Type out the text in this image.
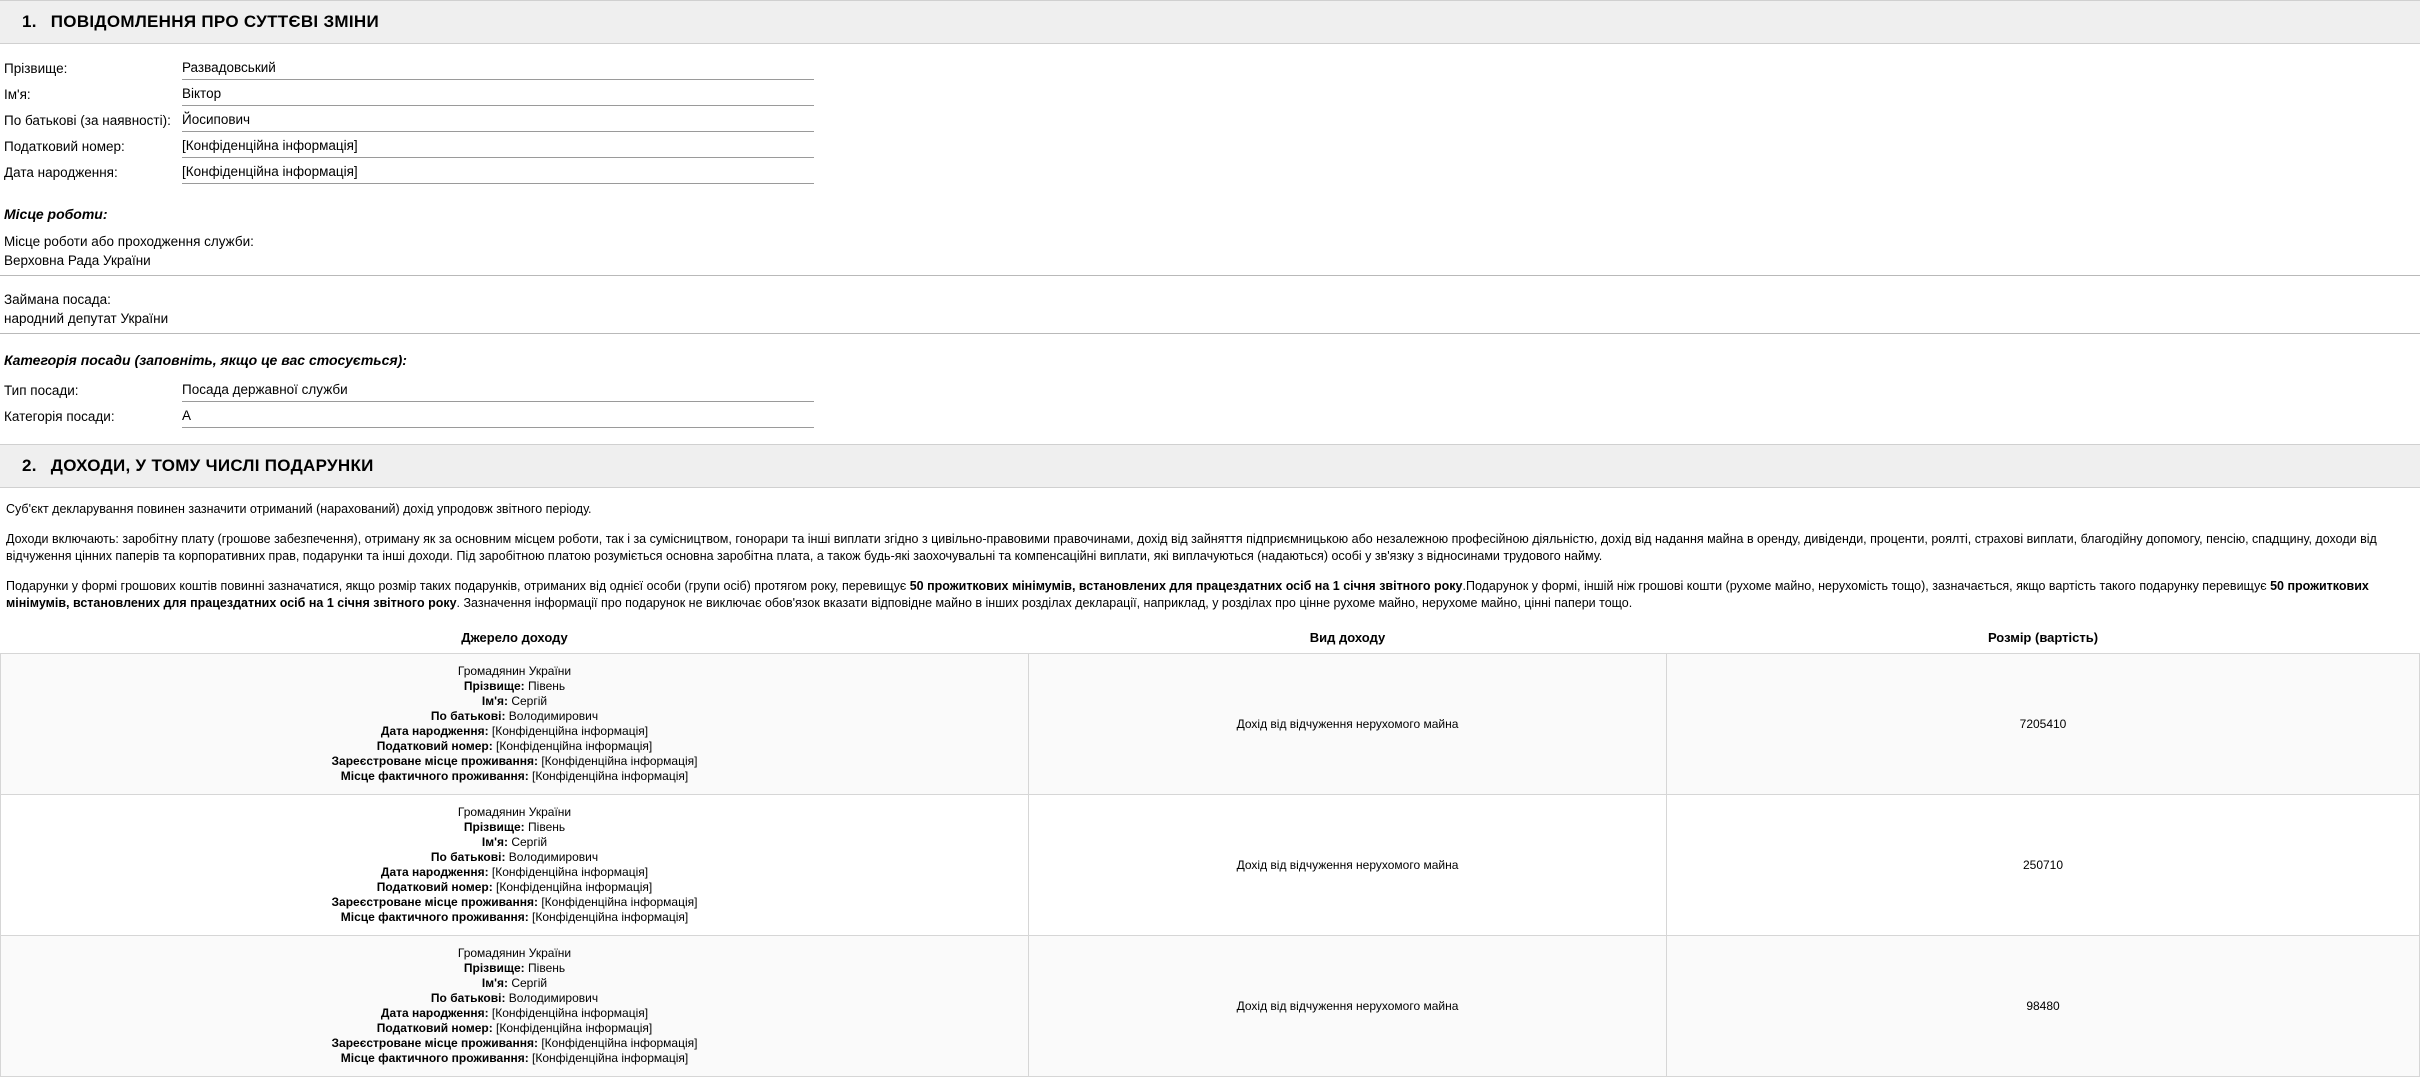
1. ПОВІДОМЛЕННЯ ПРО СУТТЄВІ ЗМІНИ
Прізвище:	Развадовський
Ім'я:	Віктор
По батькові (за наявності): Йосипович
Податковий номер:	[Конфіденційна інформація]
Дата народження:	[Конфіденційна інформація]
Місце роботи:
Місце роботи або проходження служби:
Верховна Рада України
Займана посада:
народний депутат України
Категорія посади (заповніть, якщо це вас стосується):
Тип посади:	Посада державної служби
Категорія посади:	А
2. ДОХОДИ, У ТОМУ ЧИСЛІ ПОДАРУНКИ

Суб'єкт декларування повинен зазначити отриманий (нарахований) дохід упродовж звітного періоду.

Доходи включають: заробітну плату (грошове забезпечення), отриману як за основним місцем роботи, так і за сумісництвом, гонорари та інші виплати згідно з цивільно-правовими правочинами, дохід від зайняття підприємницькою або незалежною професійною діяльністю, дохід від надання майна в оренду, дивіденди, проценти, роялті, страхові виплати, благодійну допомогу, пенсію, спадщину, доходи від відчуження цінних паперів та корпоративних прав, подарунки та інші доходи. Під заробітною платою розуміється основна заробітна плата, а також будь-які заохочувальні та компенсаційні виплати, які виплачуються (надаються) особі у зв'язку з відносинами трудового найму.

Подарунки у формі грошових коштів повинні зазначатися, якщо розмір таких подарунків, отриманих від однієї особи (групи осіб) протягом року, перевищує 50 прожиткових мінімумів, встановлених для працездатних осіб на 1 січня звітного року.Подарунок у формі, іншій ніж грошові кошти (рухоме майно, нерухомість тощо), зазначається, якщо вартість такого подарунку перевищує 50 прожиткових мінімумів, встановлених для працездатних осіб на 1 січня звітного року. Зазначення інформації про подарунок не виключає обов'язок вказати відповідне майно в інших розділах декларації, наприклад, у розділах про цінне рухоме майно, нерухоме майно, цінні папери тощо.

Джерело доходу	Вид доходу	Розмір (вартість)

Громадянин України
Прізвище: Півень
Ім'я: Сергій
По батькові: Володимирович
Дата народження: [Конфіденційна інформація]
Податковий номер: [Конфіденційна інформація]
Зареєстроване місце проживання: [Конфіденційна інформація]
Місце фактичного проживання: [Конфіденційна інформація]
	Дохід від відчуження нерухомого майна	7205410

Громадянин України
Прізвище: Півень
Ім'я: Сергій
По батькові: Володимирович
Дата народження: [Конфіденційна інформація]
Податковий номер: [Конфіденційна інформація]
Зареєстроване місце проживання: [Конфіденційна інформація]
Місце фактичного проживання: [Конфіденційна інформація]
	Дохід від відчуження нерухомого майна	250710

Громадянин України
Прізвище: Півень
Ім'я: Сергій
По батькові: Володимирович
Дата народження: [Конфіденційна інформація]
Податковий номер: [Конфіденційна інформація]
Зареєстроване місце проживання: [Конфіденційна інформація]
Місце фактичного проживання: [Конфіденційна інформація]
	Дохід від відчуження нерухомого майна	98480
